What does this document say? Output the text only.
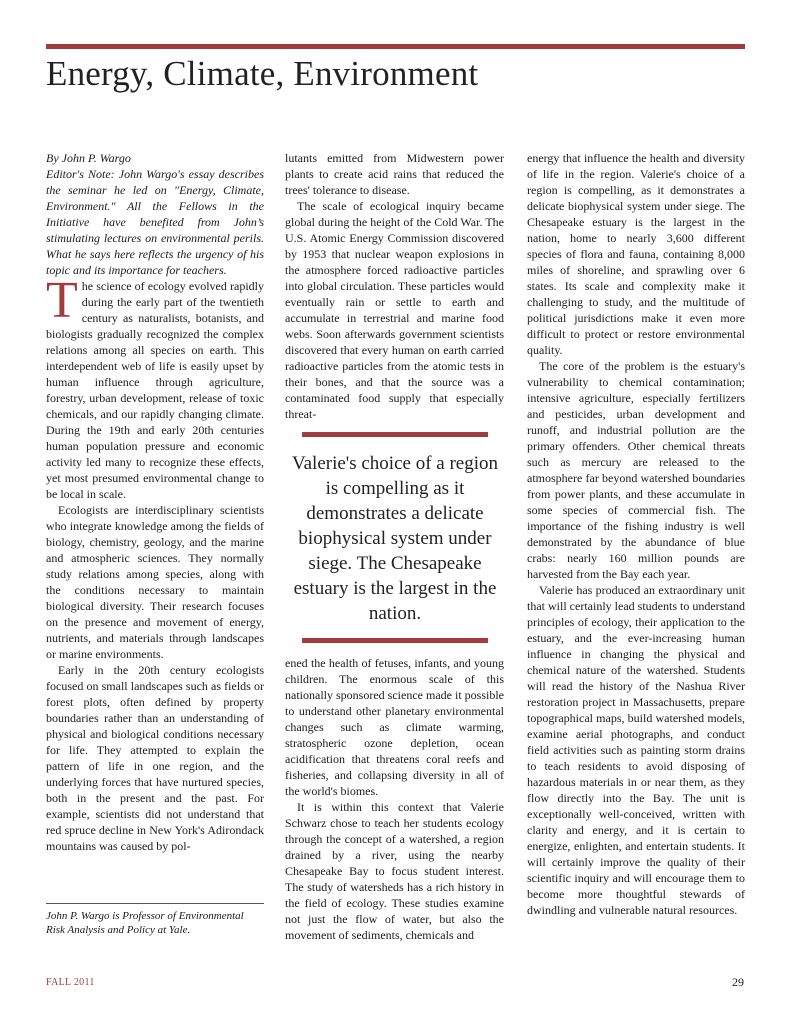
Energy, Climate, Environment

By John P. Wargo

Editor's Note: John Wargo's essay describes the seminar he led on "Energy, Climate, Environment." All the Fellows in the Initiative have benefited from John’s stimulating lectures on environmental perils. What he says here reflects the urgency of his topic and its importance for teachers.

The science of ecology evolved rapidly during the early part of the twentieth century as naturalists, botanists, and biologists gradually recognized the complex relations among all species on earth. This interdependent web of life is easily upset by human influence through agriculture, forestry, urban development, release of toxic chemicals, and our rapidly changing climate. During the 19th and early 20th centuries human population pressure and economic activity led many to recognize these effects, yet most presumed environmental change to be local in scale.

Ecologists are interdisciplinary scientists who integrate knowledge among the fields of biology, chemistry, geology, and the marine and atmospheric sciences. They normally study relations among species, along with the conditions necessary to maintain biological diversity. Their research focuses on the presence and movement of energy, nutrients, and materials through landscapes or marine environments.

Early in the 20th century ecologists focused on small landscapes such as fields or forest plots, often defined by property boundaries rather than an understanding of physical and biological conditions necessary for life. They attempted to explain the pattern of life in one region, and the underlying forces that have nurtured species, both in the present and the past. For example, scientists did not understand that red spruce decline in New York's Adirondack mountains was caused by pol-

John P. Wargo is Professor of Environmental Risk Analysis and Policy at Yale.

lutants emitted from Midwestern power plants to create acid rains that reduced the trees' tolerance to disease.

The scale of ecological inquiry became global during the height of the Cold War. The U.S. Atomic Energy Commission discovered by 1953 that nuclear weapon explosions in the atmosphere forced radioactive particles into global circulation. These particles would eventually rain or settle to earth and accumulate in terrestrial and marine food webs. Soon afterwards government scientists discovered that every human on earth carried radioactive particles from the atomic tests in their bones, and that the source was a contaminated food supply that especially threat-

Valerie's choice of a region is compelling as it demonstrates a delicate biophysical system under siege. The Chesapeake estuary is the largest in the nation.

ened the health of fetuses, infants, and young children. The enormous scale of this nationally sponsored science made it possible to understand other planetary environmental changes such as climate warming, stratospheric ozone depletion, ocean acidification that threatens coral reefs and fisheries, and collapsing diversity in all of the world's biomes.

It is within this context that Valerie Schwarz chose to teach her students ecology through the concept of a watershed, a region drained by a river, using the nearby Chesapeake Bay to focus student interest. The study of watersheds has a rich history in the field of ecology. These studies examine not just the flow of water, but also the movement of sediments, chemicals and

energy that influence the health and diversity of life in the region. Valerie's choice of a region is compelling, as it demonstrates a delicate biophysical system under siege. The Chesapeake estuary is the largest in the nation, home to nearly 3,600 different species of flora and fauna, containing 8,000 miles of shoreline, and sprawling over 6 states. Its scale and complexity make it challenging to study, and the multitude of political jurisdictions make it even more difficult to protect or restore environmental quality.

The core of the problem is the estuary's vulnerability to chemical contamination; intensive agriculture, especially fertilizers and pesticides, urban development and runoff, and industrial pollution are the primary offenders. Other chemical threats such as mercury are released to the atmosphere far beyond watershed boundaries from power plants, and these accumulate in some species of commercial fish. The importance of the fishing industry is well demonstrated by the abundance of blue crabs: nearly 160 million pounds are harvested from the Bay each year.

Valerie has produced an extraordinary unit that will certainly lead students to understand principles of ecology, their application to the estuary, and the ever-increasing human influence in changing the physical and chemical nature of the watershed. Students will read the history of the Nashua River restoration project in Massachusetts, prepare topographical maps, build watershed models, examine aerial photographs, and conduct field activities such as painting storm drains to teach residents to avoid disposing of hazardous materials in or near them, as they flow directly into the Bay. The unit is exceptionally well-conceived, written with clarity and energy, and it is certain to energize, enlighten, and entertain students. It will certainly improve the quality of their scientific inquiry and will encourage them to become more thoughtful stewards of dwindling and vulnerable natural resources.

FALL 2011	29
